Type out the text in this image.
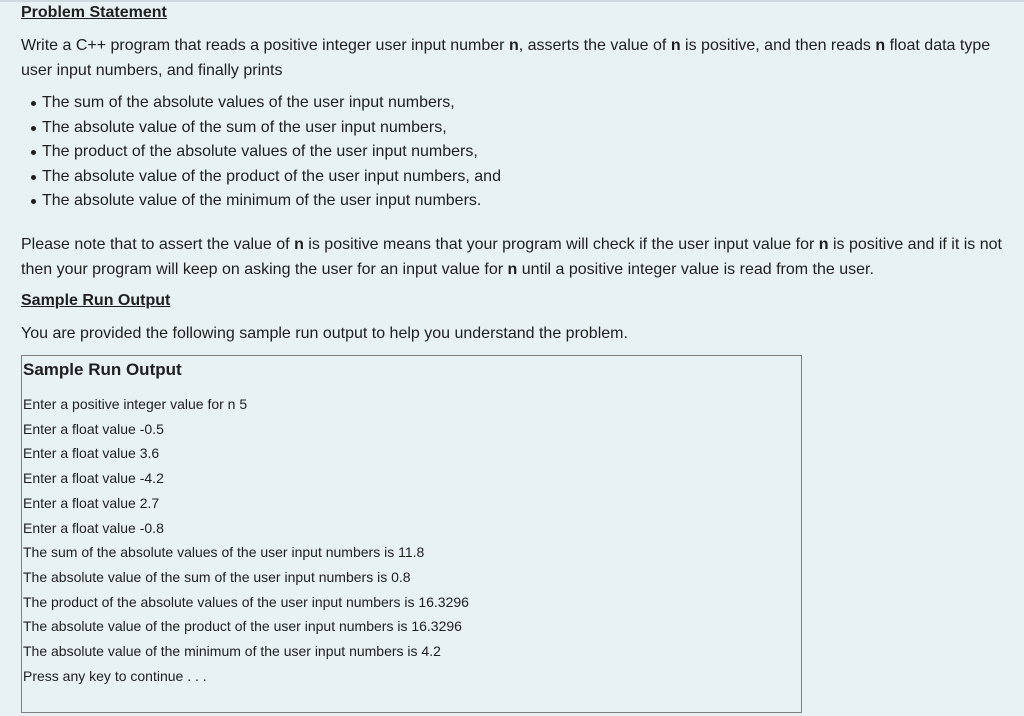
Problem Statement

Write a C++ program that reads a positive integer user input number n, asserts the value of n is positive, and then reads n float data type user input numbers, and finally prints

The sum of the absolute values of the user input numbers,
The absolute value of the sum of the user input numbers,
The product of the absolute values of the user input numbers,
The absolute value of the product of the user input numbers, and
The absolute value of the minimum of the user input numbers.

Please note that to assert the value of n is positive means that your program will check if the user input value for n is positive and if it is not then your program will keep on asking the user for an input value for n until a positive integer value is read from the user.

Sample Run Output

You are provided the following sample run output to help you understand the problem.

Sample Run Output
Enter a positive integer value for n 5
Enter a float value -0.5
Enter a float value 3.6
Enter a float value -4.2
Enter a float value 2.7
Enter a float value -0.8
The sum of the absolute values of the user input numbers is 11.8
The absolute value of the sum of the user input numbers is 0.8
The product of the absolute values of the user input numbers is 16.3296
The absolute value of the product of the user input numbers is 16.3296
The absolute value of the minimum of the user input numbers is 4.2
Press any key to continue . . .
